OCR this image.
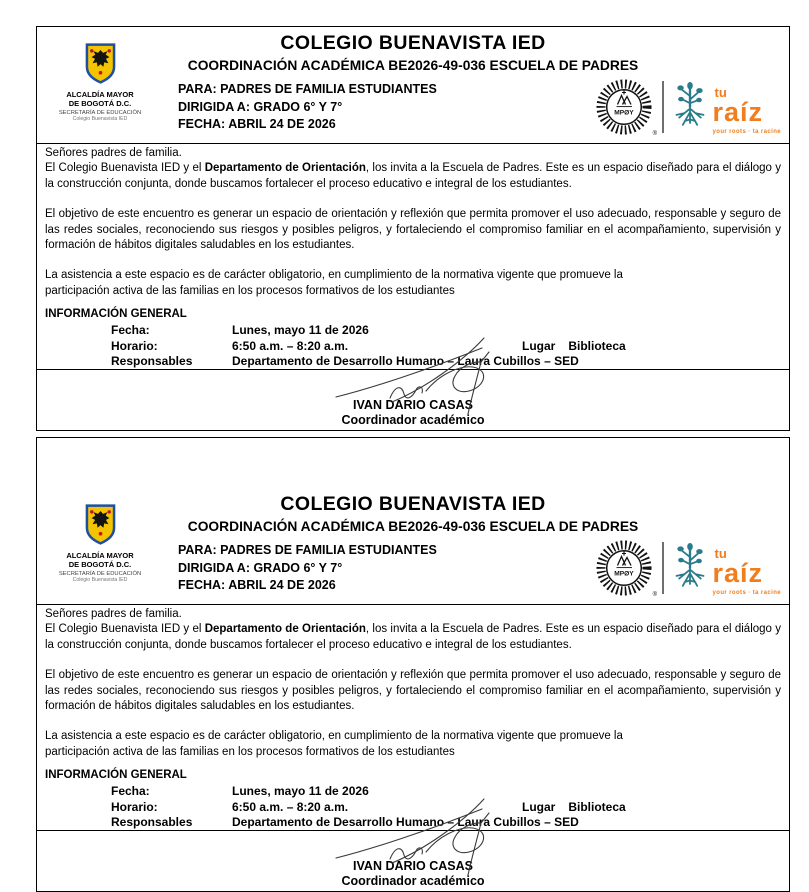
COLEGIO BUENAVISTA IED
COORDINACIÓN ACADÉMICA BE2026-49-036 ESCUELA DE PADRES
ALCALDÍA MAYOR
DE BOGOTÁ D.C.
SECRETARÍA DE EDUCACIÓN
Colegio Buenavista IED
PARA: PADRES DE FAMILIA ESTUDIANTES
DIRIGIDA A: GRADO 6° Y 7°
FECHA: ABRIL 24 DE 2026
MPØY
®
tu
raíz
your roots · ta racine

Señores padres de familia.

El Colegio Buenavista IED y el Departamento de Orientación, los invita a la Escuela de Padres. Este es un espacio diseñado para el diálogo y la construcción conjunta, donde buscamos fortalecer el proceso educativo e integral de los estudiantes.

El objetivo de este encuentro es generar un espacio de orientación y reflexión que permita promover el uso adecuado, responsable y seguro de las redes sociales, reconociendo sus riesgos y posibles peligros, y fortaleciendo el compromiso familiar en el acompañamiento, supervisión y formación de hábitos digitales saludables en los estudiantes.

La asistencia a este espacio es de carácter obligatorio, en cumplimiento de la normativa vigente que promueve la
participación activa de las familias en los procesos formativos de los estudiantes

INFORMACIÓN GENERAL

Fecha:	Lunes, mayo 11 de 2026
Horario:	6:50 a.m. – 8:20 a.m.	Lugar Biblioteca
Responsables	Departamento de Desarrollo Humano – Laura Cubillos – SED
IVAN DARIO CASAS
Coordinador académico
COLEGIO BUENAVISTA IED
COORDINACIÓN ACADÉMICA BE2026-49-036 ESCUELA DE PADRES
ALCALDÍA MAYOR
DE BOGOTÁ D.C.
SECRETARÍA DE EDUCACIÓN
Colegio Buenavista IED
PARA: PADRES DE FAMILIA ESTUDIANTES
DIRIGIDA A: GRADO 6° Y 7°
FECHA: ABRIL 24 DE 2026
MPØY
®
tu
raíz
your roots · ta racine

Señores padres de familia.

El Colegio Buenavista IED y el Departamento de Orientación, los invita a la Escuela de Padres. Este es un espacio diseñado para el diálogo y la construcción conjunta, donde buscamos fortalecer el proceso educativo e integral de los estudiantes.

El objetivo de este encuentro es generar un espacio de orientación y reflexión que permita promover el uso adecuado, responsable y seguro de las redes sociales, reconociendo sus riesgos y posibles peligros, y fortaleciendo el compromiso familiar en el acompañamiento, supervisión y formación de hábitos digitales saludables en los estudiantes.

La asistencia a este espacio es de carácter obligatorio, en cumplimiento de la normativa vigente que promueve la
participación activa de las familias en los procesos formativos de los estudiantes

INFORMACIÓN GENERAL

Fecha:	Lunes, mayo 11 de 2026
Horario:	6:50 a.m. – 8:20 a.m.	Lugar Biblioteca
Responsables	Departamento de Desarrollo Humano – Laura Cubillos – SED
IVAN DARIO CASAS
Coordinador académico
